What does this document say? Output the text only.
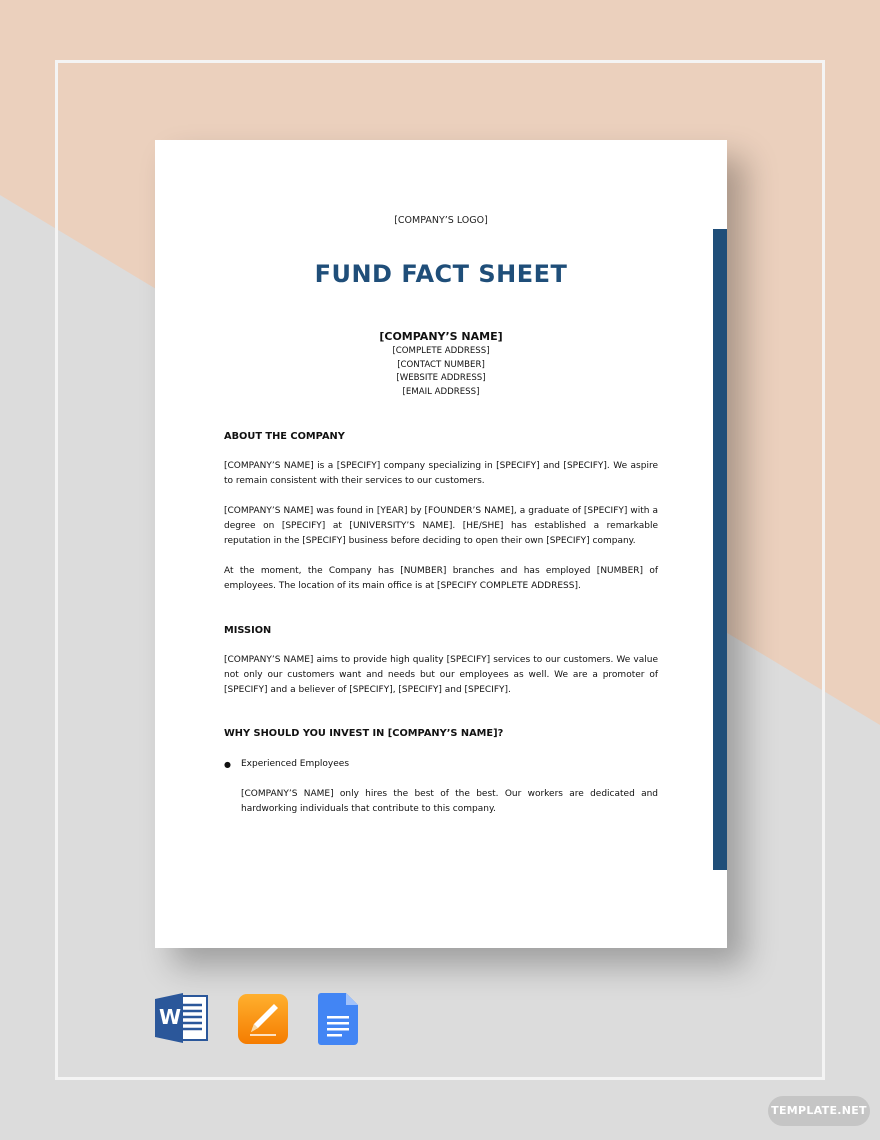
[COMPANY’S LOGO]
FUND FACT SHEET
[COMPANY’S NAME]
[COMPLETE ADDRESS]
[CONTACT NUMBER]
[WEBSITE ADDRESS]
[EMAIL ADDRESS]
ABOUT THE COMPANY

[COMPANY’S NAME] is a [SPECIFY] company specializing in [SPECIFY] and [SPECIFY]. We aspire to remain consistent with their services to our customers.

[COMPANY’S NAME] was found in [YEAR] by [FOUNDER’S NAME], a graduate of [SPECIFY] with a degree on [SPECIFY] at [UNIVERSITY’S NAME]. [HE/SHE] has established a remarkable reputation in the [SPECIFY] business before deciding to open their own [SPECIFY] company.

At the moment, the Company has [NUMBER] branches and has employed [NUMBER] of employees. The location of its main office is at [SPECIFY COMPLETE ADDRESS].

MISSION

[COMPANY’S NAME] aims to provide high quality [SPECIFY] services to our customers. We value not only our customers want and needs but our employees as well. We are a promoter of [SPECIFY] and a believer of [SPECIFY], [SPECIFY] and [SPECIFY].

WHY SHOULD YOU INVEST IN [COMPANY’S NAME]?
●	Experienced Employees

[COMPANY’S NAME] only hires the best of the best. Our workers are dedicated and hardworking individuals that contribute to this company.

W
TEMPLATE.NET
